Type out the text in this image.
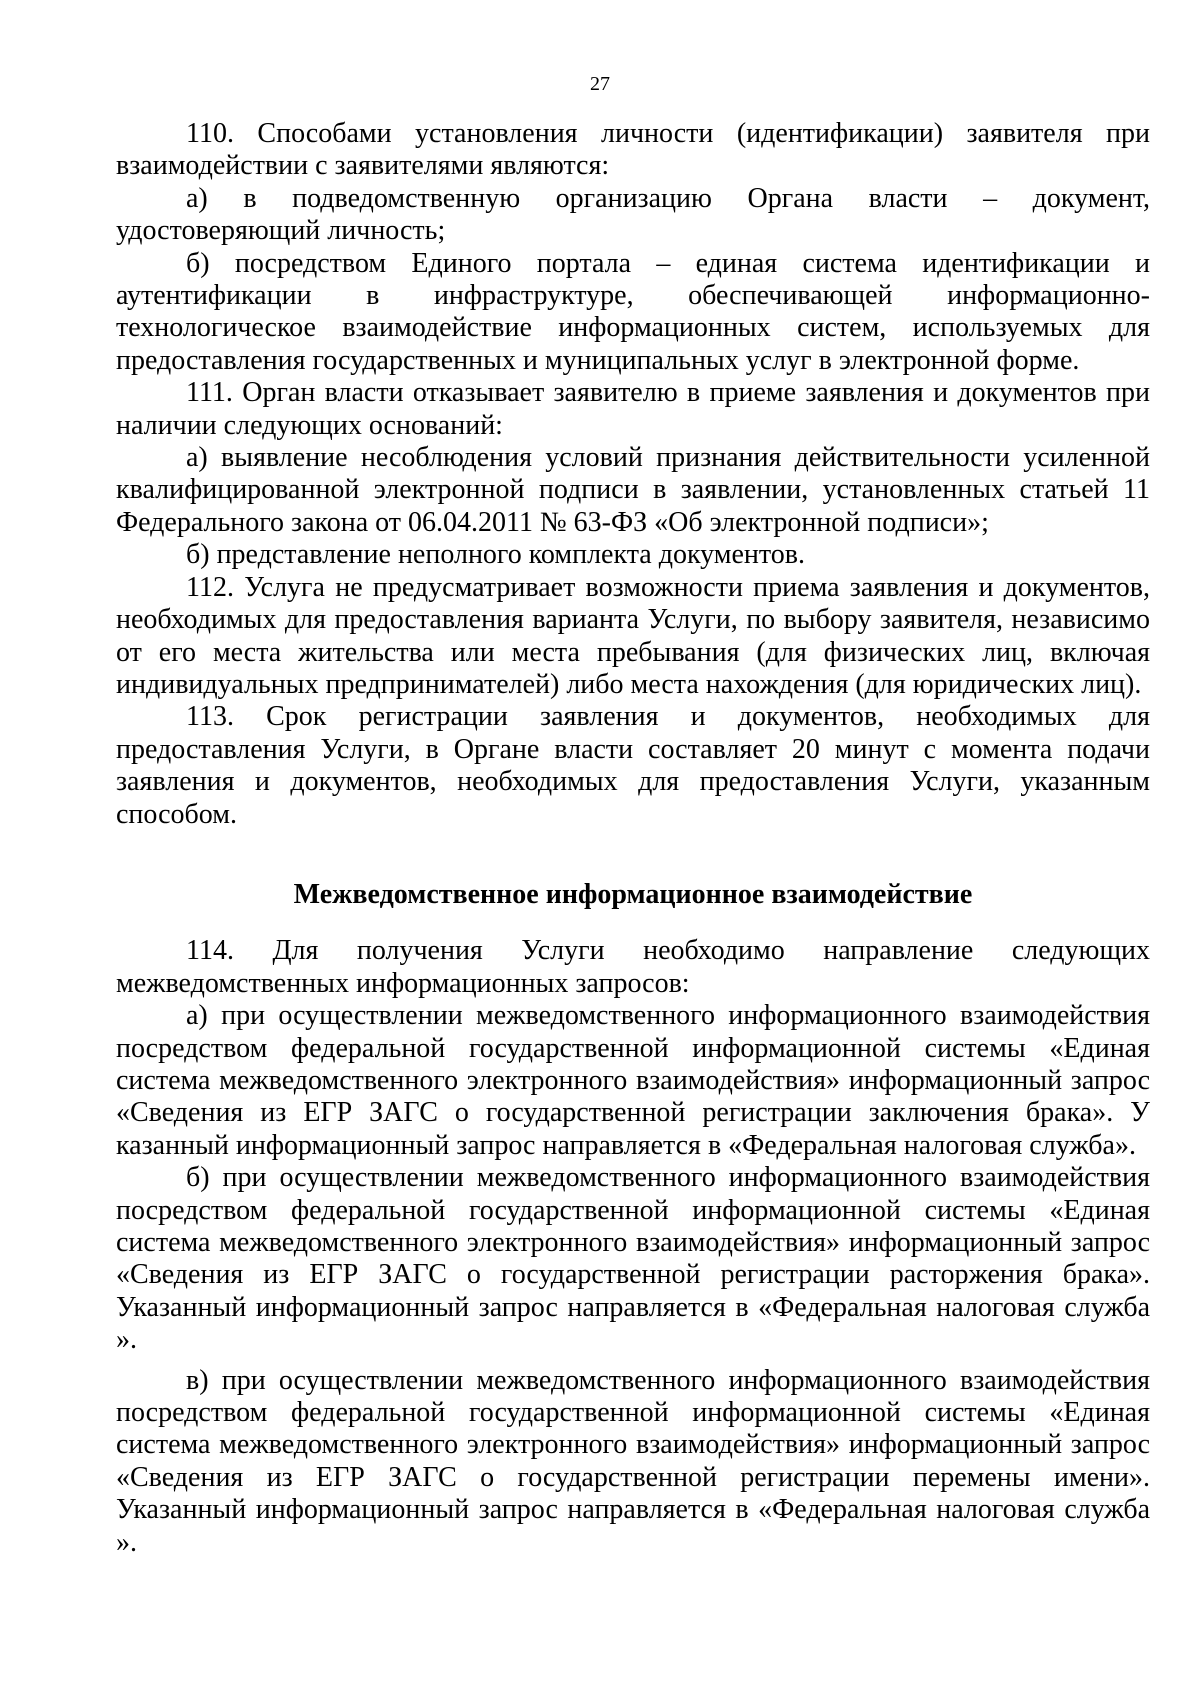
27

110. Способами установления личности (идентификации) заявителя при взаимодействии с заявителями являются:

а) в подведомственную организацию Органа власти – документ, удостоверяющий личность;

б) посредством Единого портала – единая система идентификации и аутентификации в инфраструктуре, обеспечивающей информационно-технологическое взаимодействие информационных систем, используемых для предоставления государственных и муниципальных услуг в электронной форме.

111. Орган власти отказывает заявителю в приеме заявления и документов при наличии следующих оснований:

а) выявление несоблюдения условий признания действительности усиленной квалифицированной электронной подписи в заявлении, установленных статьей 11 Федерального закона от 06.04.2011 № 63-ФЗ «Об электронной подписи»;

б) представление неполного комплекта документов.

112. Услуга не предусматривает возможности приема заявления и документов, необходимых для предоставления варианта Услуги, по выбору заявителя, независимо от его места жительства или места пребывания (для физических лиц, включая индивидуальных предпринимателей) либо места нахождения (для юридических лиц).

113. Срок регистрации заявления и документов, необходимых для предоставления Услуги, в Органе власти составляет 20 минут с момента подачи заявления и документов, необходимых для предоставления Услуги, указанным способом.

Межведомственное информационное взаимодействие

114. Для получения Услуги необходимо направление следующих межведомственных информационных запросов:

а) при осуществлении межведомственного информационного взаимодействия посредством федеральной государственной информационной системы «Единая система межведомственного электронного взаимодействия» информационный запрос «Сведения из ЕГР ЗАГС о государственной регистрации заключения брака». У казанный информационный запрос направляется в «Федеральная налоговая служба».

б) при осуществлении межведомственного информационного взаимодействия посредством федеральной государственной информационной системы «Единая система межведомственного электронного взаимодействия» информационный запрос «Сведения из ЕГР ЗАГС о государственной регистрации расторжения брака». Указанный информационный запрос направляется в «Федеральная налоговая служба ».

в) при осуществлении межведомственного информационного взаимодействия посредством федеральной государственной информационной системы «Единая система межведомственного электронного взаимодействия» информационный запрос «Сведения из ЕГР ЗАГС о государственной регистрации перемены имени». Указанный информационный запрос направляется в «Федеральная налоговая служба ».
